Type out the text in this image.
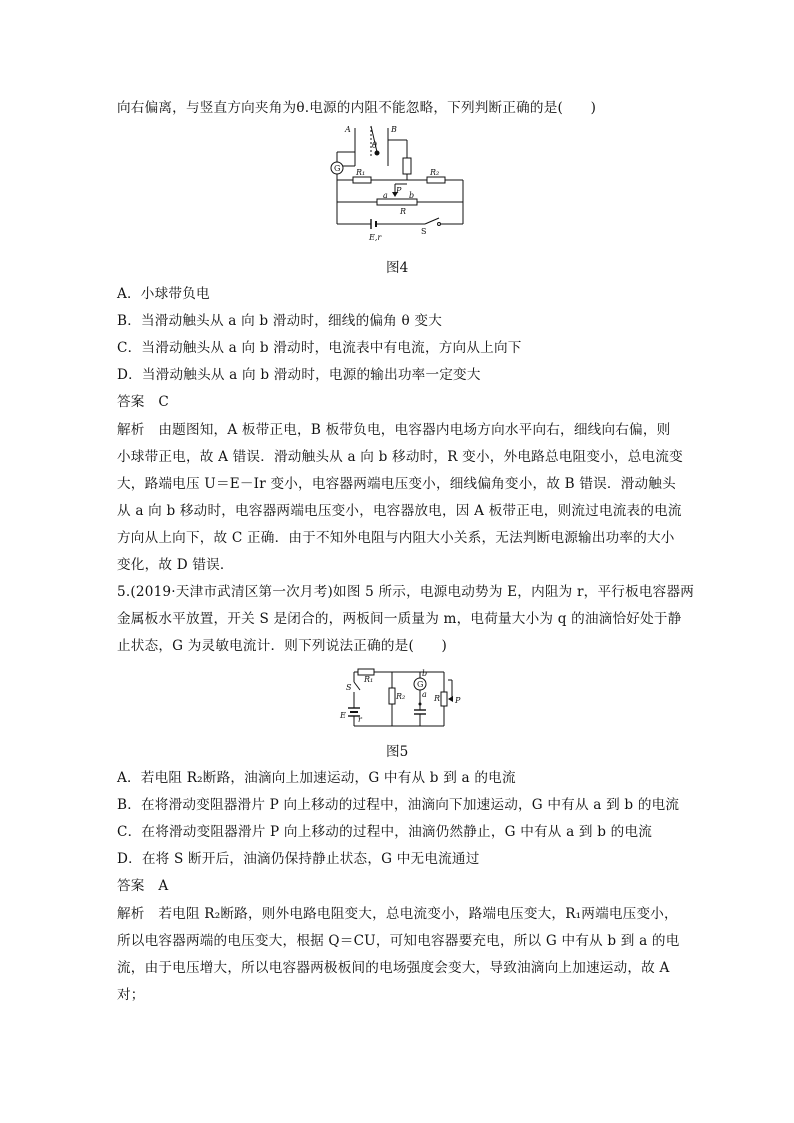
向右偏离，与竖直方向夹角为θ.电源的内阻不能忽略，下列判断正确的是(　　)
A	B
θ
G R₁	R₂
a
P
b
R
E,r
S
图4
A．小球带负电
B．当滑动触头从 a 向 b 滑动时，细线的偏角 θ 变大
C．当滑动触头从 a 向 b 滑动时，电流表中有电流，方向从上向下
D．当滑动触头从 a 向 b 滑动时，电源的输出功率一定变大
答案　C
解析　由题图知，A 板带正电，B 板带负电，电容器内电场方向水平向右，细线向右偏，则
小球带正电，故 A 错误．滑动触头从 a 向 b 移动时，R 变小，外电路总电阻变小，总电流变
大，路端电压 U＝E－Ir 变小，电容器两端电压变小，细线偏角变小，故 B 错误．滑动触头
从 a 向 b 移动时，电容器两端电压变小，电容器放电，因 A 板带正电，则流过电流表的电流
方向从上向下，故 C 正确．由于不知外电阻与内阻大小关系，无法判断电源输出功率的大小
变化，故 D 错误．
5.(2019·天津市武清区第一次月考)如图 5 所示，电源电动势为 E，内阻为 r，平行板电容器两
金属板水平放置，开关 S 是闭合的，两板间一质量为 m，电荷量大小为 q 的油滴恰好处于静
止状态，G 为灵敏电流计．则下列说法正确的是(　　)
S
R₁
R₂
G
b
a R P
E r
图5
A．若电阻 R₂断路，油滴向上加速运动，G 中有从 b 到 a 的电流
B．在将滑动变阻器滑片 P 向上移动的过程中，油滴向下加速运动，G 中有从 a 到 b 的电流
C．在将滑动变阻器滑片 P 向上移动的过程中，油滴仍然静止，G 中有从 a 到 b 的电流
D．在将 S 断开后，油滴仍保持静止状态，G 中无电流通过
答案　A
解析　若电阻 R₂断路，则外电路电阻变大，总电流变小，路端电压变大，R₁两端电压变小，
所以电容器两端的电压变大，根据 Q＝CU，可知电容器要充电，所以 G 中有从 b 到 a 的电
流，由于电压增大，所以电容器两极板间的电场强度会变大，导致油滴向上加速运动，故 A
对；
